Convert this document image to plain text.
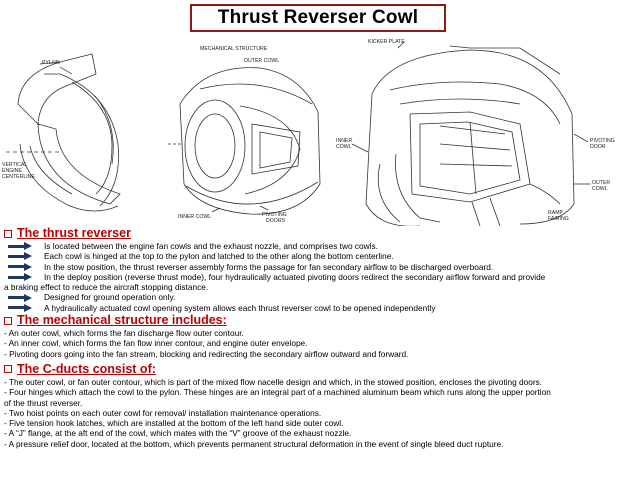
Thrust Reverser Cowl
PYLON
VERTICAL
ENGINE
CENTERLINE
MECHANICAL STRUCTURE
OUTER COWL
INNER COWL	PIVOTING
DOORS
KICKER PLATE
INNER
COWL
PIVOTING
DOOR
OUTER
COWL
RAMP
FAIRING
The thrust reverser
Is located between the engine fan cowls and the exhaust nozzle, and comprises two cowls.
Each cowl is hinged at the top to the pylon and latched to the other along the bottom centerline.
In the stow position, the thrust reverser assembly forms the passage for fan secondary airflow to be discharged overboard.
In the deploy position (reverse thrust mode), four hydraulically actuated pivoting doors redirect the secondary airflow forward and provide
a braking effect to reduce the aircraft stopping distance.
Designed for ground operation only.
A hydraulically actuated cowl opening system allows each thrust reverser cowl to be opened independently
The mechanical structure includes:
- An outer cowl, which forms the fan discharge flow outer contour.
- An inner cowl, which forms the fan flow inner contour, and engine outer envelope.
- Pivoting doors going into the fan stream, blocking and redirecting the secondary airflow outward and forward.
The C-ducts consist of:
- The outer cowl, or fan outer contour, which is part of the mixed flow nacelle design and which, in the stowed position, encloses the pivoting doors.
- Four hinges which attach the cowl to the pylon. These hinges are an integral part of a machined aluminum beam which runs along the upper portion
of the thrust reverser.
- Two hoist points on each outer cowl for removal/ installation maintenance operations.
- Five tension hook latches, which are installed at the bottom of the left hand side outer cowl.
- A “J” flange, at the aft end of the cowl, which mates with the “V” groove of the exhaust nozzle.
- A pressure relief door, located at the bottom, which prevents permanent structural deformation in the event of single bleed duct rupture.
